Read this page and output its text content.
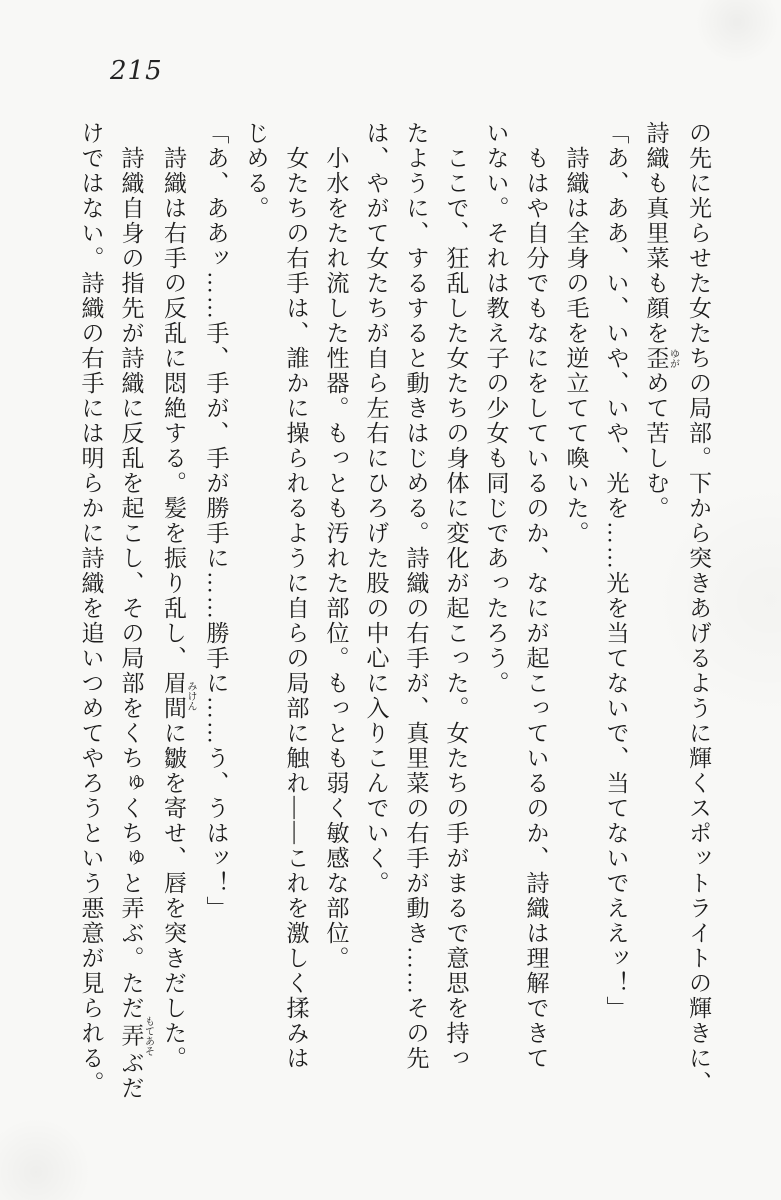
215
の先に光らせた女たちの局部。下から突きあげるように輝くスポットライトの輝きに、
詩織も真里菜も顔を歪 ゆがめて苦しむ。
「あ、ああ、い、いや、いや、光を……光を当てないで、当てないでええッ！」
詩織は全身の毛を逆立てて喚いた。
もはや自分でもなにをしているのか、なにが起こっているのか、詩織は理解できて
いない。それは教え子の少女も同じであったろう。
ここで、狂乱した女たちの身体に変化が起こった。女たちの手がまるで意思を持っ
たように、するすると動きはじめる。詩織の右手が、真里菜の右手が動き……その先
は、やがて女たちが自ら左右にひろげた股の中心に入りこんでいく。
小水をたれ流した性器。もっとも汚れた部位。もっとも弱く敏感な部位。
女たちの右手は、誰かに操られるように自らの局部に触れ――これを激しく揉みは
じめる。
「あ、ああッ……手、手が、手が勝手に……勝手に……う、うはッ！」
詩織は右手の反乱に悶絶する。髪を振り乱し、眉間 みけんに皺を寄せ、唇を突きだした。
詩織自身の指先が詩織に反乱を起こし、その局部をくちゅくちゅと弄ぶ。ただ弄 もてあそぶだ
けではない。詩織の右手には明らかに詩織を追いつめてやろうという悪意が見られる。
